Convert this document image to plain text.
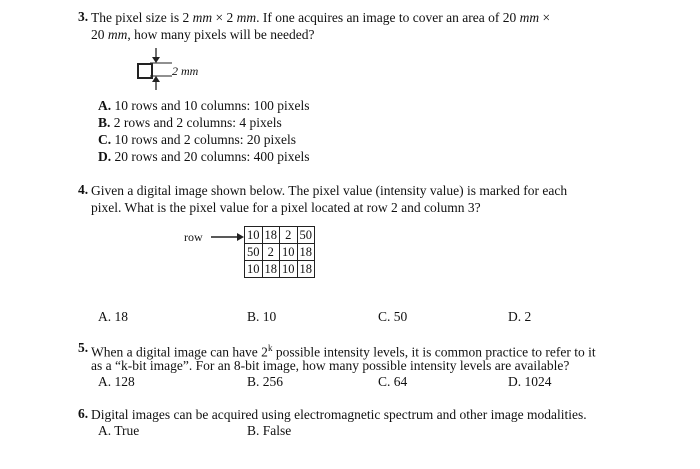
3. The pixel size is 2 mm × 2 mm. If one acquires an image to cover an area of 20 mm ×
20 mm, how many pixels will be needed?
2 mm
A. 10 rows and 10 columns: 100 pixels
B. 2 rows and 2 columns: 4 pixels
C. 10 rows and 2 columns: 20 pixels
D. 20 rows and 20 columns: 400 pixels
4. Given a digital image shown below. The pixel value (intensity value) is marked for each
pixel. What is the pixel value for a pixel located at row 2 and column 3?
row	10	18	2	50
50	2	10	18
10	18	10	18
A. 18	B. 10	C. 50	D. 2
5. When a digital image can have 2$^k$ possible intensity levels, it is common practice to refer to it
as a “k-bit image”. For an 8-bit image, how many possible intensity levels are available?
A. 128	B. 256	C. 64	D. 1024
6. Digital images can be acquired using electromagnetic spectrum and other image modalities.
A. True	B. False
